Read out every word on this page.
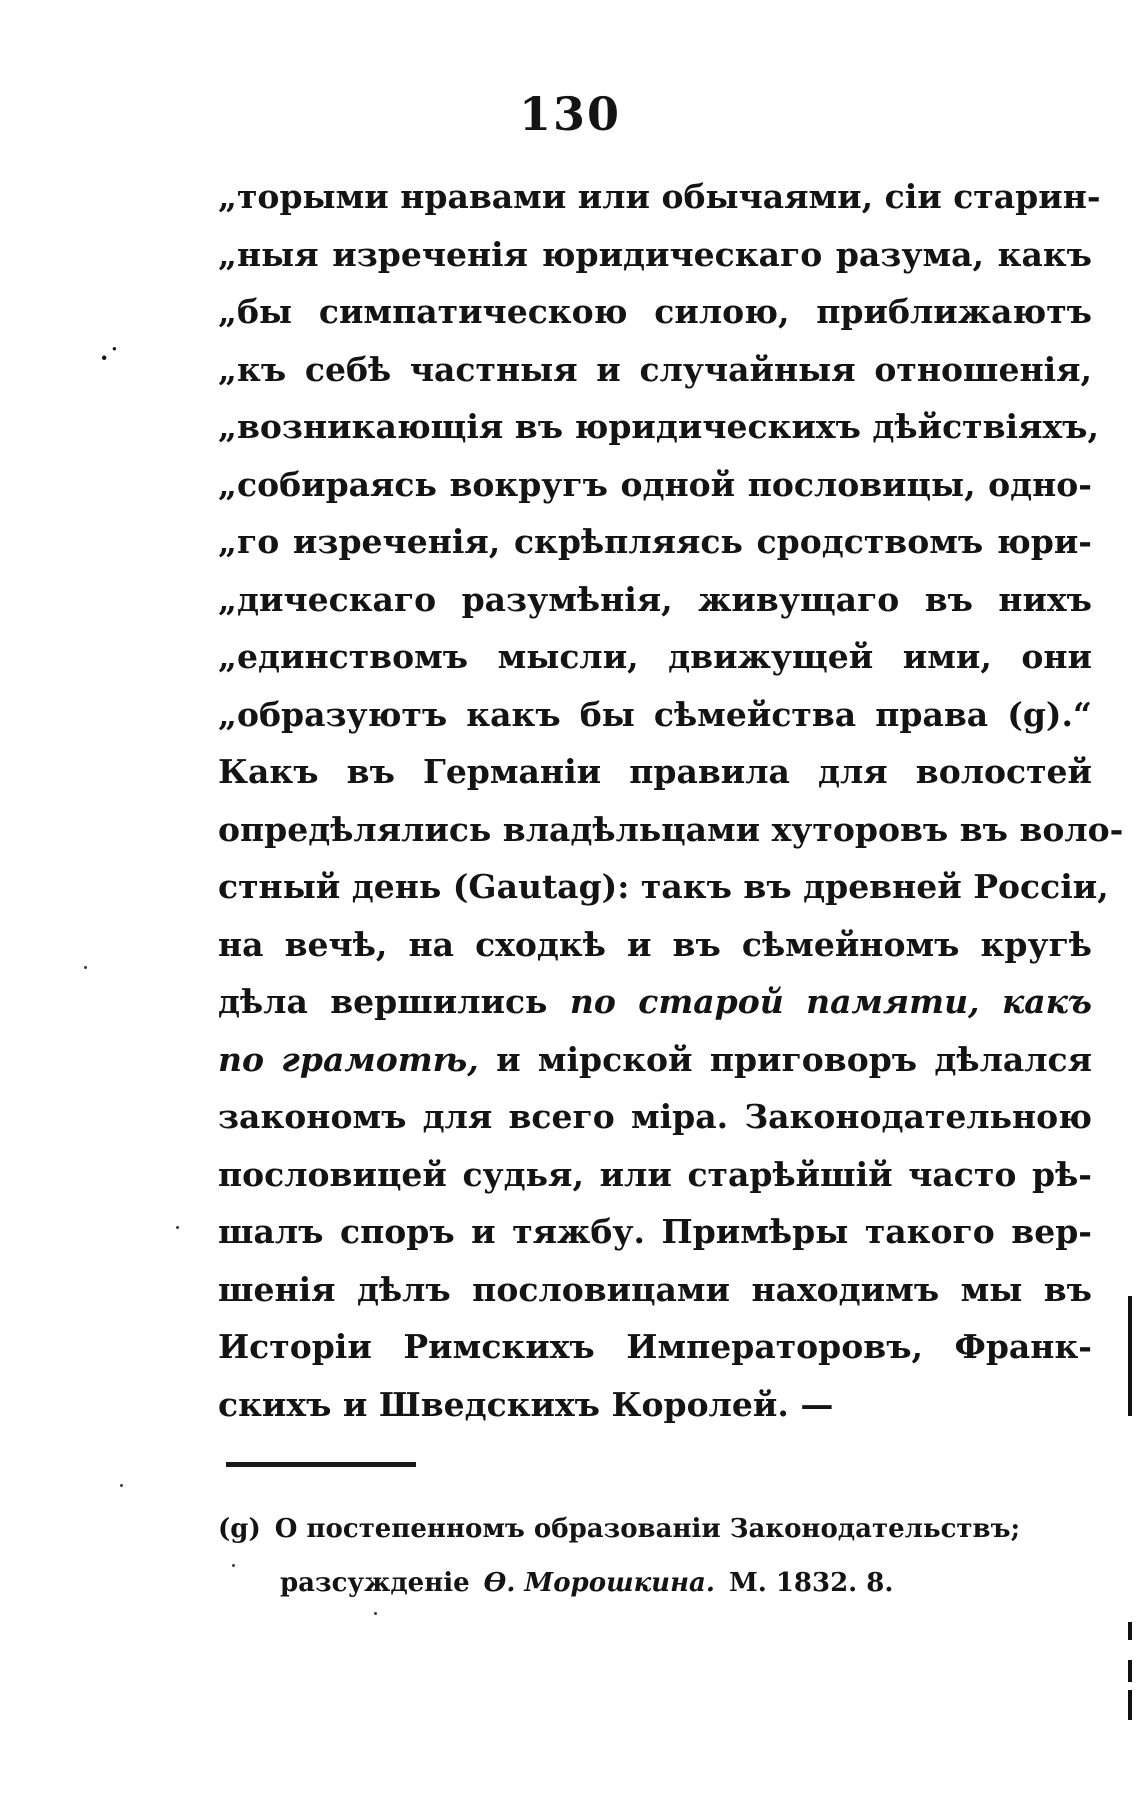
130
·˙
„торыми нравами или обычаями, сіи старин-
„ныя изреченія юридическаго разума, какъ
„бы симпатическою силою, приближаютъ
„къ себѣ частныя и случайныя отношенія,
„возникающія въ юридическихъ дѣйствіяхъ,
„собираясь вокругъ одной пословицы, одно-
„го изреченія, скрѣпляясь сродствомъ юри-
„дическаго разумѣнія, живущаго въ нихъ
„единствомъ мысли, движущей ими, они
„образуютъ какъ бы сѣмейства права (g).“
Какъ въ Германіи правила для волостей
опредѣлялись владѣльцами хуторовъ въ воло-
стный день (Gautag): такъ въ древней Россіи,
на вечѣ, на сходкѣ и въ сѣмейномъ кругѣ
дѣла вершились по старой памяти, какъ
по грамотѣ, и мірской приговоръ дѣлался
закономъ для всего міра. Законодательною
пословицей судья, или старѣйшій часто рѣ-
шалъ споръ и тяжбу. Примѣры такого вер-
шенія дѣлъ пословицами находимъ мы въ
Исторіи Римскихъ Императоровъ, Франк-
скихъ и Шведскихъ Королей. —
(g) О постепенномъ образованіи Законодательствъ;
разсужденіе Ѳ. Морошкина. М. 1832. 8.
